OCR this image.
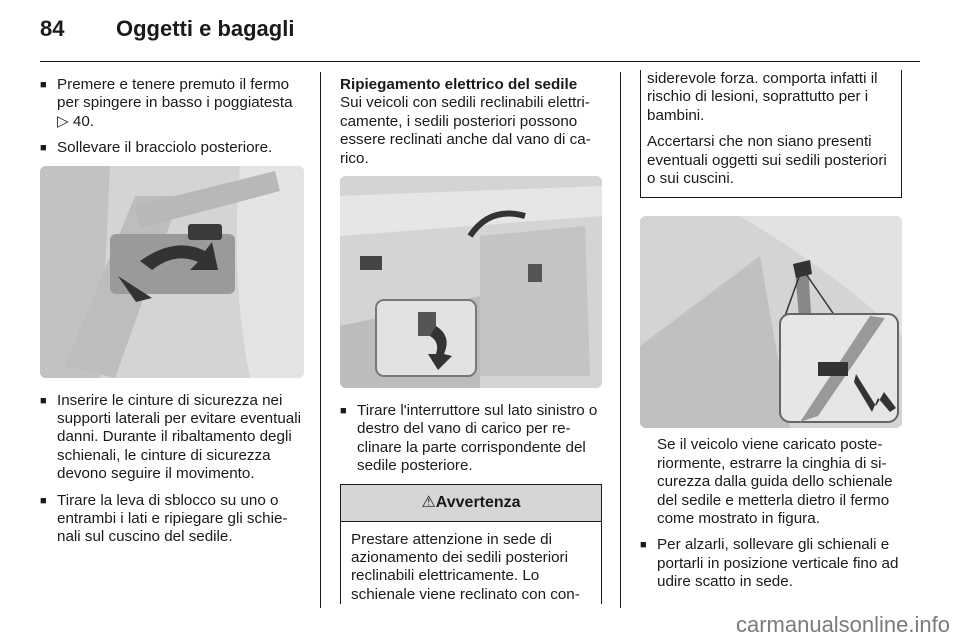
84 Oggetti e bagagli
■ Premere e tenere premuto il fermo per spingere in basso i poggiatesta ▷ 40.
■ Sollevare il bracciolo posteriore.
■ Inserire le cinture di sicurezza nei supporti laterali per evitare eventuali danni. Durante il ribaltamento degli schienali, le cinture di sicurezza devono seguire il movimento.
■ Tirare la leva di sblocco su uno o entrambi i lati e ripiegare gli schienali sul cuscino del sedile.
Ripiegamento elettrico del sedile

Sui veicoli con sedili reclinabili elettricamente, i sedili posteriori possono essere reclinati anche dal vano di carico.

■ Tirare l'interruttore sul lato sinistro o destro del vano di carico per reclinare la parte corrispondente del sedile posteriore.
⚠Avvertenza
Prestare attenzione in sede di azionamento dei sedili posteriori reclinabili elettricamente. Lo schienale viene reclinato con con-

siderevole forza. comporta infatti il rischio di lesioni, soprattutto per i bambini.

Accertarsi che non siano presenti eventuali oggetti sui sedili posteriori o sui cuscini.

Se il veicolo viene caricato posteriormente, estrarre la cinghia di sicurezza dalla guida dello schienale del sedile e metterla dietro il fermo come mostrato in figura.

■ Per alzarli, sollevare gli schienali e portarli in posizione verticale fino ad udire scatto in sede.
carmanualsonline.info
